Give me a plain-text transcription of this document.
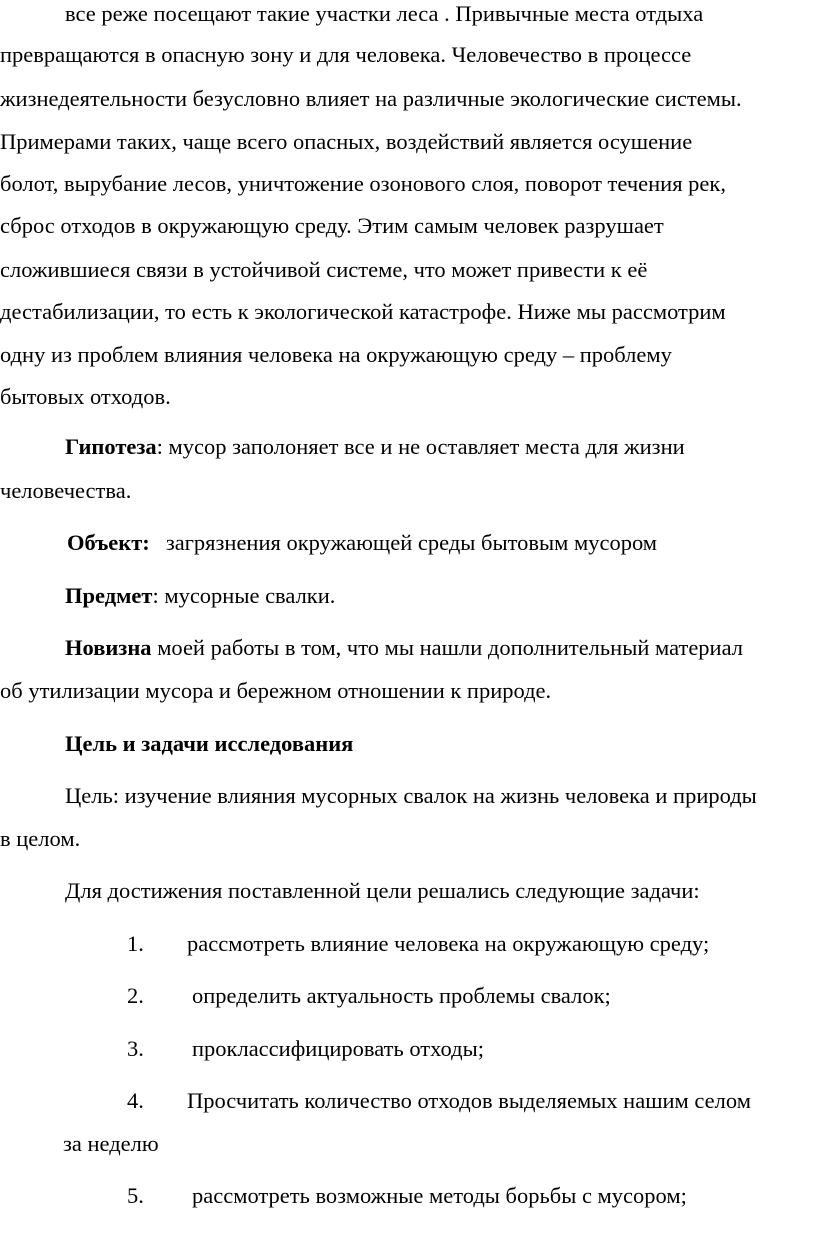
все реже посещают такие участки леса . Привычные места отдыха
превращаются в опасную зону и для человека. Человечество в процессе
жизнедеятельности безусловно влияет на различные экологические системы.
Примерами таких, чаще всего опасных, воздействий является осушение
болот, вырубание лесов, уничтожение озонового слоя, поворот течения рек,
сброс отходов в окружающую среду. Этим самым человек разрушает
сложившиеся связи в устойчивой системе, что может привести к её
дестабилизации, то есть к экологической катастрофе. Ниже мы рассмотрим
одну из проблем влияния человека на окружающую среду – проблему
бытовых отходов.
Гипотеза: мусор заполоняет все и не оставляет места для жизни
человечества.
Объект: загрязнения окружающей среды бытовым мусором
Предмет: мусорные свалки.
Новизна моей работы в том, что мы нашли дополнительный материал
об утилизации мусора и бережном отношении к природе.
Цель и задачи исследования
Цель: изучение влияния мусорных свалок на жизнь человека и природы
в целом.
Для достижения поставленной цели решались следующие задачи:
1. рассмотреть влияние человека на окружающую среду;
2. определить актуальность проблемы свалок;
3. проклассифицировать отходы;
4. Просчитать количество отходов выделяемых нашим селом
за неделю
5. рассмотреть возможные методы борьбы с мусором;
